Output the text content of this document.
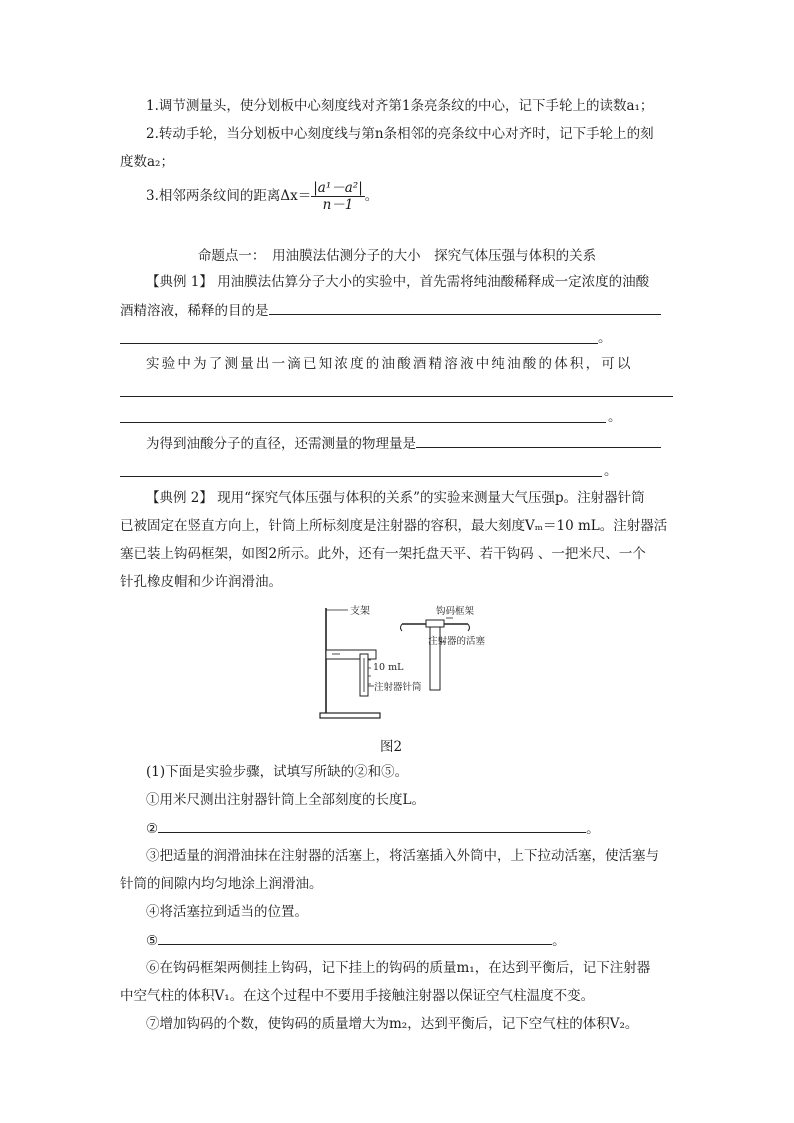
1.调节测量头，使分划板中心刻度线对齐第1条亮条纹的中心，记下手轮上的读数a₁；
2.转动手轮，当分划板中心刻度线与第n条相邻的亮条纹中心对齐时，记下手轮上的刻
度数a₂；
3.相邻两条纹间的距离$\Delta x= \frac{\text{|a¹－a²|}}{n-1}$ 。
命题点一：　用油膜法估测分子的大小　探究气体压强与体积的关系
【典例 1】 用油膜法估算分子大小的实验中，首先需将纯油酸稀释成一定浓度的油酸
酒精溶液，稀释的目的是
。
实验中为了测量出一滴已知浓度的油酸酒精溶液中纯油酸的体积，可以
。
为得到油酸分子的直径，还需测量的物理量是
。
【典例 2】 现用“探究气体压强与体积的关系”的实验来测量大气压强p。注射器针筒
已被固定在竖直方向上，针筒上所标刻度是注射器的容积，最大刻度Vₘ＝10 mL。注射器活
塞已装上钩码框架，如图2所示。此外，还有一架托盘天平、若干钩码 、一把米尺、一个
针孔橡皮帽和少许润滑油。
支架
10 mL
注射器针筒
钩码框架
注射器的活塞
图2
(1)下面是实验步骤，试填写所缺的②和⑤。
①用米尺测出注射器针筒上全部刻度的长度L。
②	。
③把适量的润滑油抹在注射器的活塞上，将活塞插入外筒中，上下拉动活塞，使活塞与
针筒的间隙内均匀地涂上润滑油。
④将活塞拉到适当的位置。
⑤	。
⑥在钩码框架两侧挂上钩码，记下挂上的钩码的质量m₁，在达到平衡后，记下注射器
中空气柱的体积V₁。在这个过程中不要用手接触注射器以保证空气柱温度不变。
⑦增加钩码的个数，使钩码的质量增大为m₂，达到平衡后，记下空气柱的体积V₂。
